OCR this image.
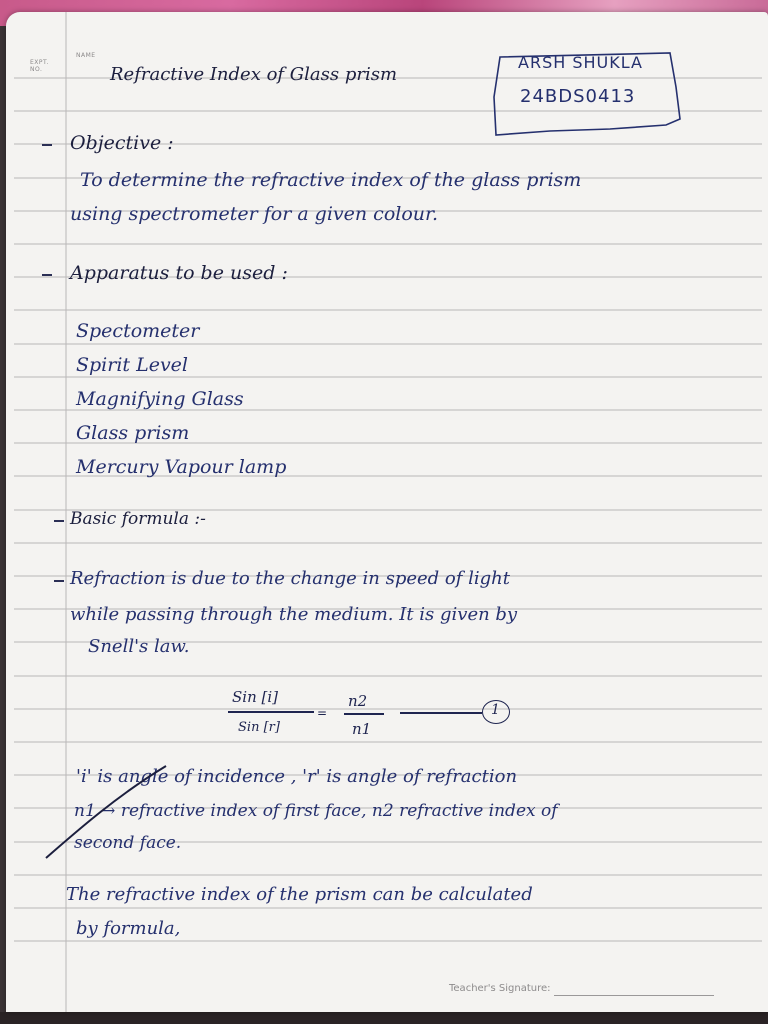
EXPT. NO.
NAME
Refractive Index of Glass prism
ARSH SHUKLA
24BDS0413
Objective :
To determine the refractive index of the glass prism
using spectrometer for a given colour.
Apparatus to be used :
Spectometer
Spirit Level
Magnifying Glass
Glass prism
Mercury Vapour lamp
Basic formula :-
Refraction is due to the change in speed of light
while passing through the medium. It is given by
Snell's law.
Sin [i]
Sin [r]
=
n2
n1
1
'i' is angle of incidence , 'r' is angle of refraction
n1 → refractive index of first face, n2 refractive index of
second face.
The refractive index of the prism can be calculated
by formula,
Teacher's Signature:
